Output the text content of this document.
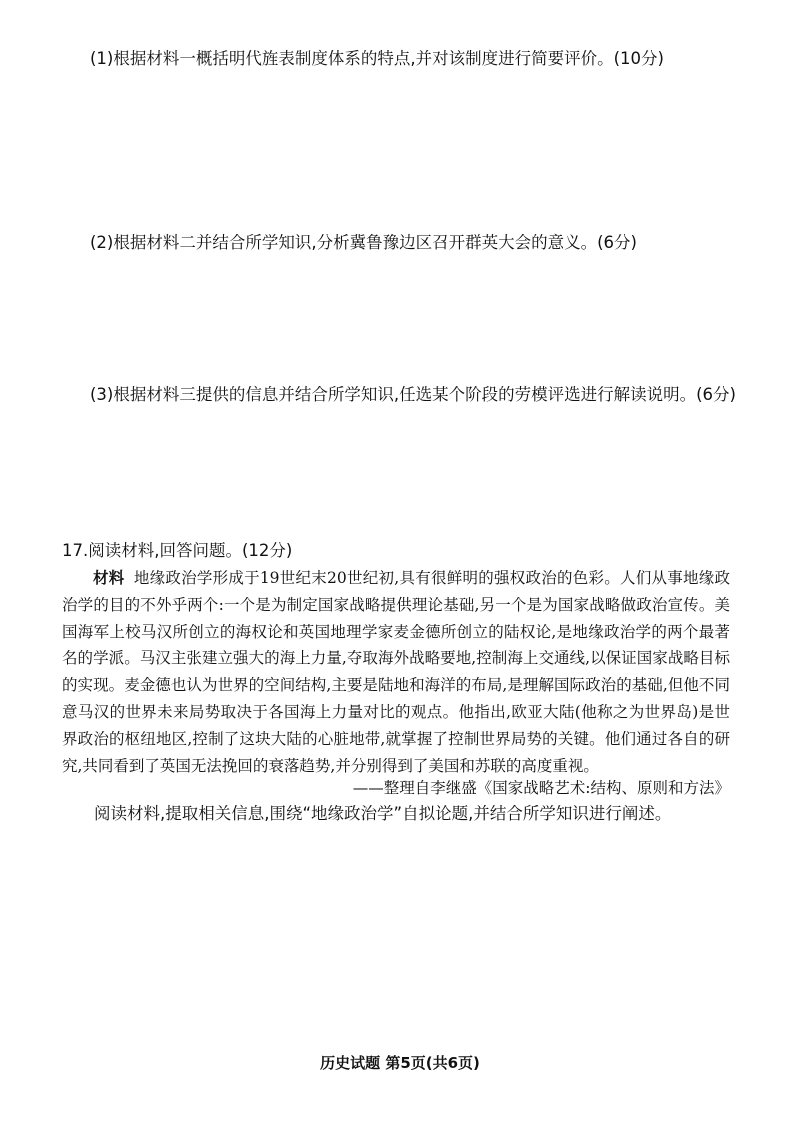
(1)根据材料一概括明代旌表制度体系的特点,并对该制度进行简要评价。(10分)
(2)根据材料二并结合所学知识,分析冀鲁豫边区召开群英大会的意义。(6分)
(3)根据材料三提供的信息并结合所学知识,任选某个阶段的劳模评选进行解读说明。(6分)
17.阅读材料,回答问题。(12分)
材料 地缘政治学形成于19世纪末20世纪初,具有很鲜明的强权政治的色彩。人们从事地缘政治学的目的不外乎两个:一个是为制定国家战略提供理论基础,另一个是为国家战略做政治宣传。美国海军上校马汉所创立的海权论和英国地理学家麦金德所创立的陆权论,是地缘政治学的两个最著名的学派。马汉主张建立强大的海上力量,夺取海外战略要地,控制海上交通线,以保证国家战略目标的实现。麦金德也认为世界的空间结构,主要是陆地和海洋的布局,是理解国际政治的基础,但他不同意马汉的世界未来局势取决于各国海上力量对比的观点。他指出,欧亚大陆(他称之为世界岛)是世界政治的枢纽地区,控制了这块大陆的心脏地带,就掌握了控制世界局势的关键。他们通过各自的研究,共同看到了英国无法挽回的衰落趋势,并分别得到了美国和苏联的高度重视。
——整理自李继盛《国家战略艺术:结构、原则和方法》
阅读材料,提取相关信息,围绕“地缘政治学”自拟论题,并结合所学知识进行阐述。
历史试题 第5页(共6页)
